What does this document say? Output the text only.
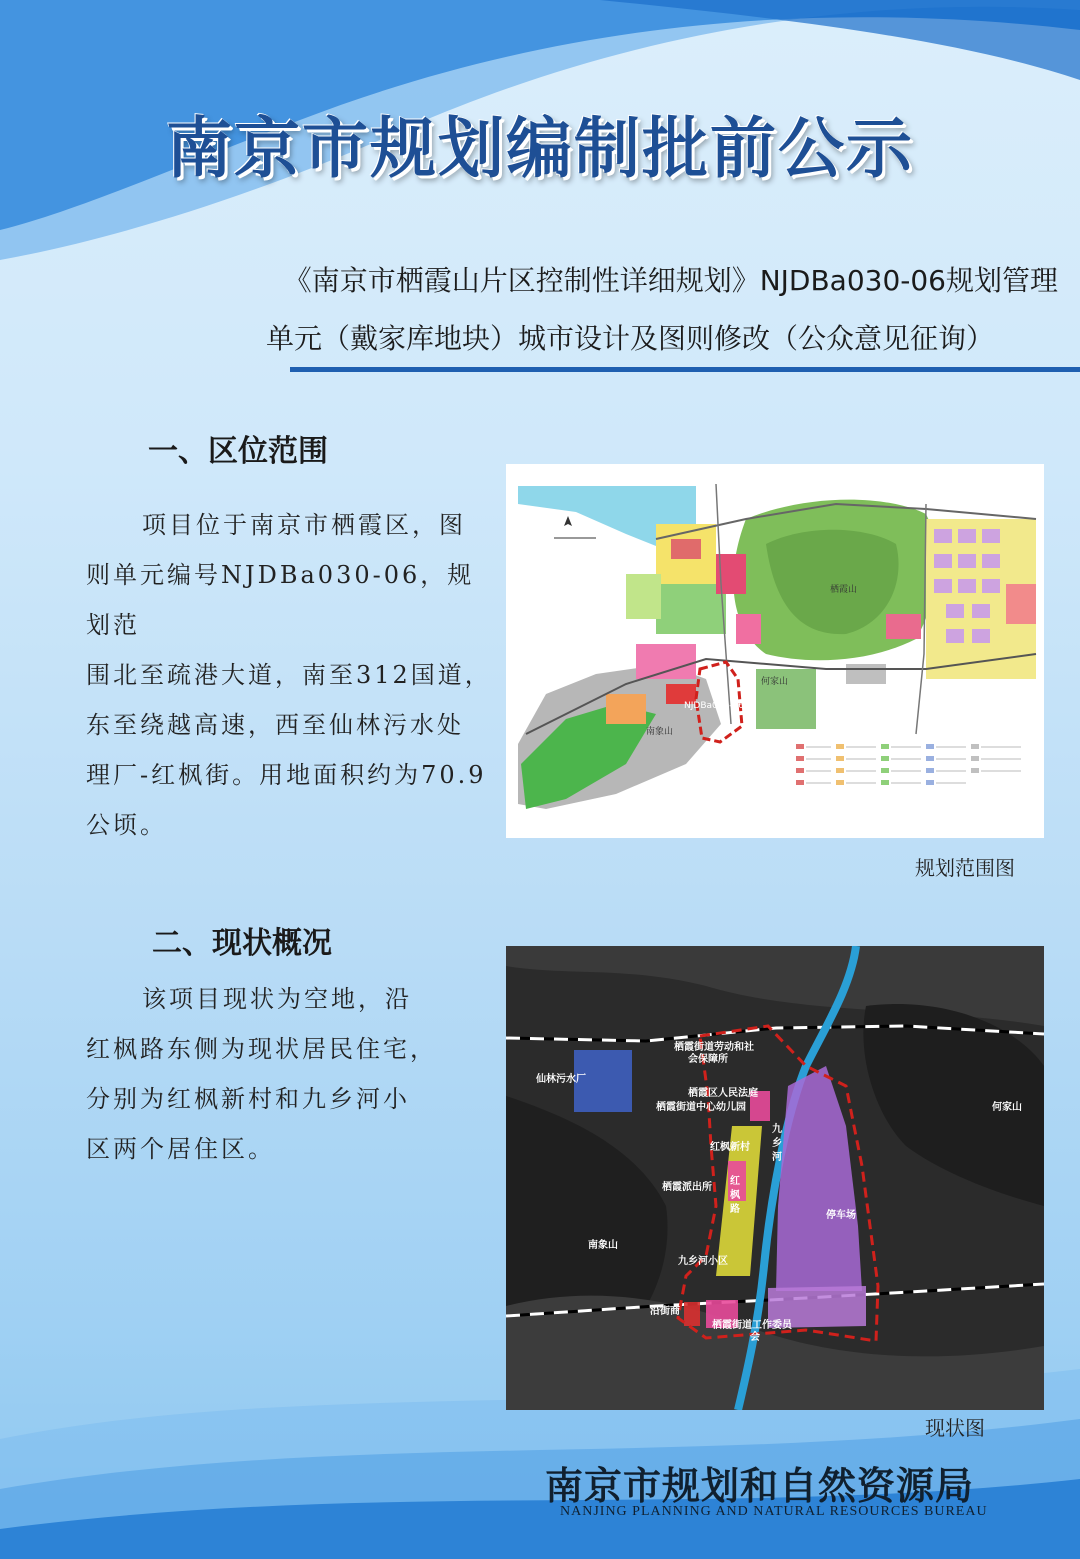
南京市规划编制批前公示
《南京市栖霞山片区控制性详细规划》NJDBa030-06规划管理
单元（戴家库地块）城市设计及图则修改（公众意见征询）
一、区位范围
项目位于南京市栖霞区，图
则单元编号NJDBa030-06，规划范
围北至疏港大道，南至312国道，
东至绕越高速，西至仙林污水处
理厂-红枫街。用地面积约为70.9
公顷。
栖霞山
何家山
南象山
NJDBa030-06
规划范围图
二、现状概况
该项目现状为空地，沿
红枫路东侧为现状居民住宅，
分别为红枫新村和九乡河小
区两个居住区。
仙林污水厂
栖霞街道劳动和社
会保障所
栖霞区人民法庭
栖霞街道中心幼儿园
红枫新村
栖霞派出所
红
枫
路
九
乡
河
停车场
九乡河小区
沿街商
栖霞街道工作委员
会
南象山
何家山
现状图
南京市规划和自然资源局
NANJING PLANNING AND NATURAL RESOURCES BUREAU
